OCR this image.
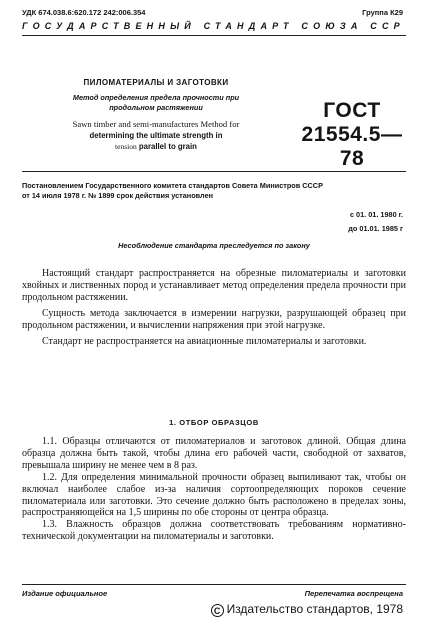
УДК 674.038.6:620.172 242:006.354	Группа К29
ГОСУДАРСТВЕННЫЙ СТАНДАРТ СОЮЗА ССР
ПИЛОМАТЕРИАЛЫ И ЗАГОТОВКИ
Метод определения предела прочности при
продольном растяжении
Sawn timber and semi-manufactures Method for
determining the ultimate strength in
tension parallel to grain
ГОСТ
21554.5—78
Постановлением Государственного комитета стандартов Совета Министров СССР
от 14 июля 1978 г. № 1899 срок действия установлен
с 01. 01. 1980 г.
до 01.01. 1985 г
Несоблюдение стандарта преследуется по закону

Настоящий стандарт распространяется на обрезные пиломатериалы и заготовки хвойных и лиственных пород и устанавливает метод определения предела прочности при продольном растяжении.

Сущность метода заключается в измерении нагрузки, разрушающей образец при продольном растяжении, и вычислении напряжения при этой нагрузке.

Стандарт не распространяется на авиационные пиломатериалы и заготовки.

1. ОТБОР ОБРАЗЦОВ

1.1. Образцы отличаются от пиломатериалов и заготовок длиной. Общая длина образца должна быть такой, чтобы длина его рабочей части, свободной от захватов, превышала ширину не менее чем в 8 раз.

1.2. Для определения минимальной прочности образец выпиливают так, чтобы он включал наиболее слабое из-за наличия сортоопределяющих пороков сечение пиломатериала или заготовки. Это сечение должно быть расположено в пределах зоны, распространяющейся на 1,5 ширины по обе стороны от центра образца.

1.3. Влажность образцов должна соответствовать требованиям нормативно-технической документации на пиломатериалы и заготовки.

Издание официальное	Перепечатка воспрещена
C Издательство стандартов, 1978
